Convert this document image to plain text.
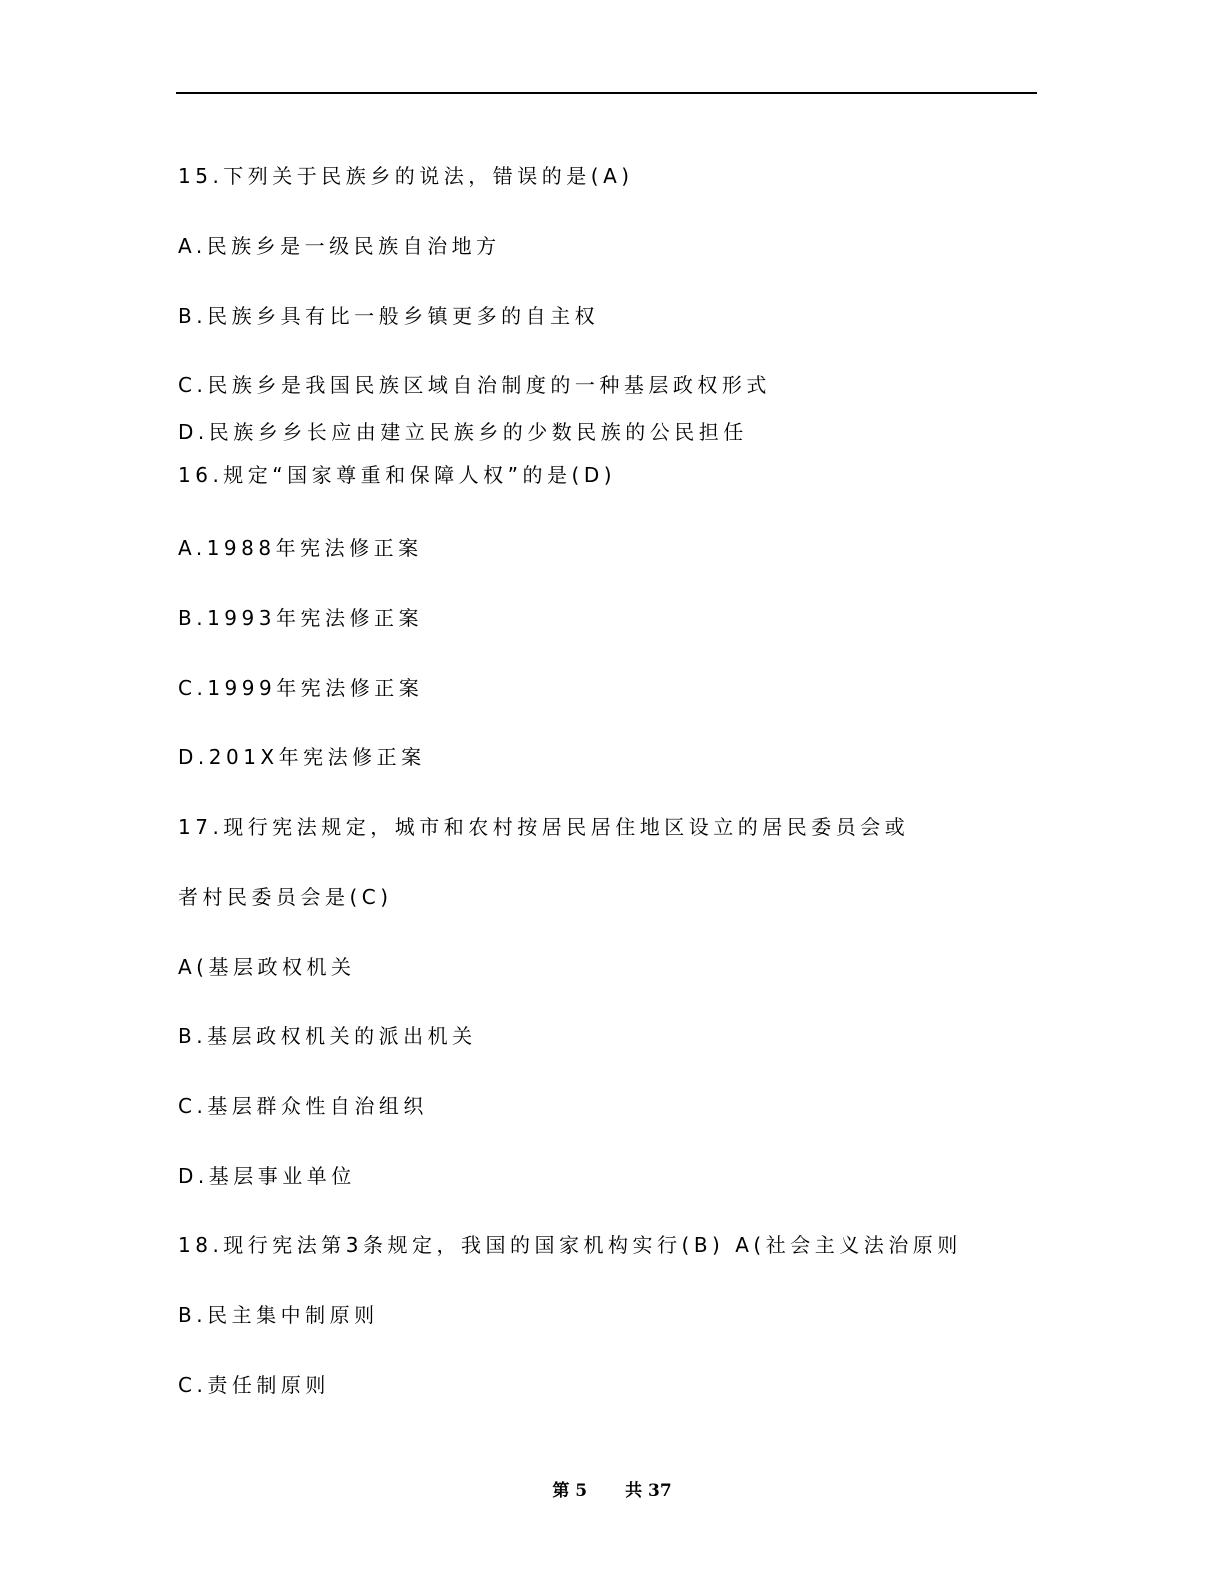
15.下列关于民族乡的说法，错误的是(A)
A.民族乡是一级民族自治地方
B.民族乡具有比一般乡镇更多的自主权
C.民族乡是我国民族区域自治制度的一种基层政权形式
D.民族乡乡长应由建立民族乡的少数民族的公民担任
16.规定“国家尊重和保障人权”的是(D)
A.1988年宪法修正案
B.1993年宪法修正案
C.1999年宪法修正案
D.201X年宪法修正案
17.现行宪法规定，城市和农村按居民居住地区设立的居民委员会或
者村民委员会是(C)
A(基层政权机关
B.基层政权机关的派出机关
C.基层群众性自治组织
D.基层事业单位
18.现行宪法第3条规定，我国的国家机构实行(B) A(社会主义法治原则
B.民主集中制原则
C.责任制原则
第 5 共 37
